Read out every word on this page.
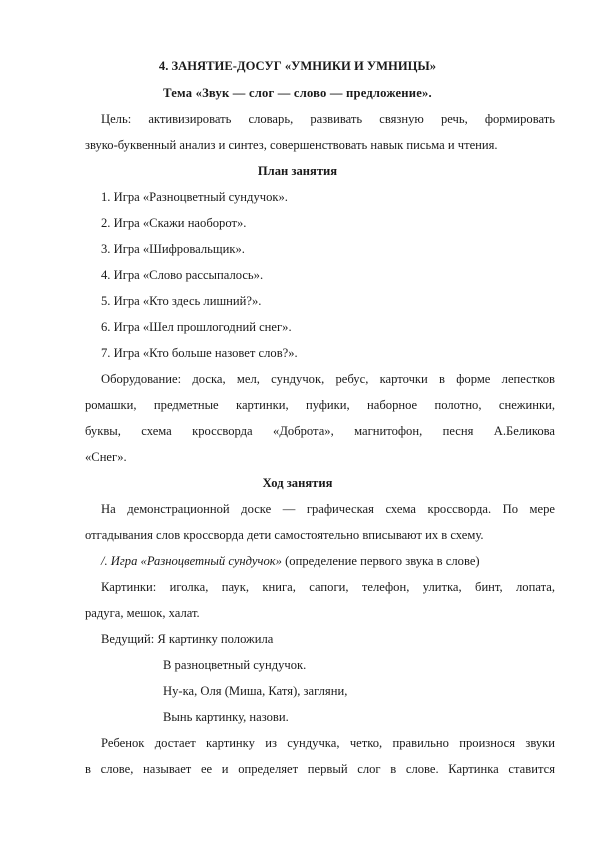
4. ЗАНЯТИЕ-ДОСУГ «УМНИКИ И УМНИЦЫ»
Тема «Звук — слог — слово — предложение».
Цель: активизировать словарь, развивать связную речь, формировать
звуко-буквенный анализ и синтез, совершенствовать навык письма и чтения.
План занятия
1. Игра «Разноцветный сундучок».
2. Игра «Скажи наоборот».
3. Игра «Шифровальщик».
4. Игра «Слово рассыпалось».
5. Игра «Кто здесь лишний?».
6. Игра «Шел прошлогодний снег».
7. Игра «Кто больше назовет слов?».
Оборудование: доска, мел, сундучок, ребус, карточки в форме лепестков
ромашки, предметные картинки, пуфики, наборное полотно, снежинки,
буквы, схема кроссворда «Доброта», магнитофон, песня А.Беликова
«Снег».
Ход занятия
На демонстрационной доске — графическая схема кроссворда. По мере
отгадывания слов кроссворда дети самостоятельно вписывают их в схему.
/. Игра «Разноцветный сундучок» (определение первого звука в слове)
Картинки: иголка, паук, книга, сапоги, телефон, улитка, бинт, лопата,
радуга, мешок, халат.
Ведущий: Я картинку положила
В разноцветный сундучок.
Ну-ка, Оля (Миша, Катя), загляни,
Вынь картинку, назови.
Ребенок достает картинку из сундучка, четко, правильно произнося звуки
в слове, называет ее и определяет первый слог в слове. Картинка ставится
